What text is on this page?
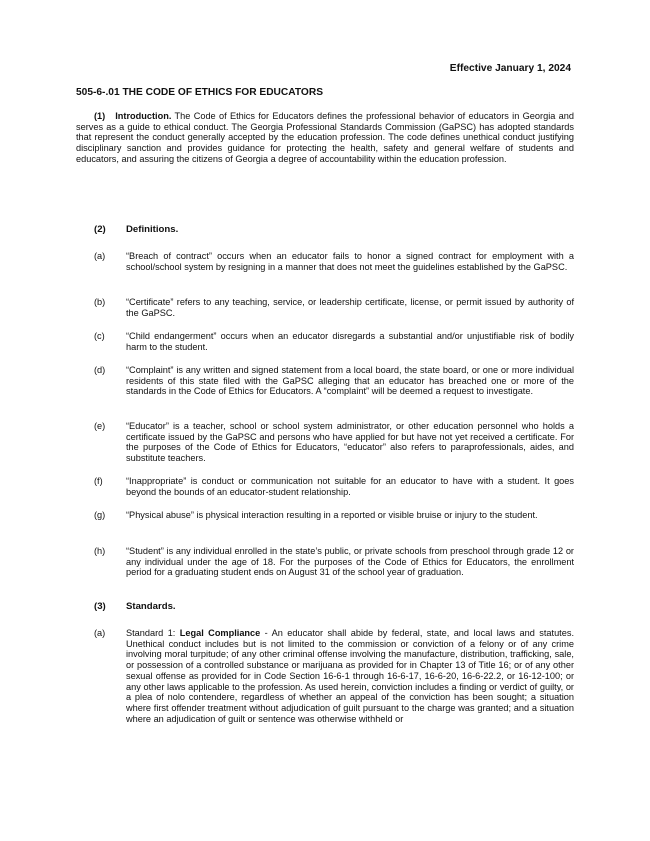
Effective January 1, 2024
505-6-.01 THE CODE OF ETHICS FOR EDUCATORS

(1) Introduction. The Code of Ethics for Educators defines the professional behavior of educators in Georgia and serves as a guide to ethical conduct. The Georgia Professional Standards Commission (GaPSC) has adopted standards that represent the conduct generally accepted by the education profession. The code defines unethical conduct justifying disciplinary sanction and provides guidance for protecting the health, safety and general welfare of students and educators, and assuring the citizens of Georgia a degree of accountability within the education profession.

(2) Definitions.
(a) “Breach of contract” occurs when an educator fails to honor a signed contract for employment with a school/school system by resigning in a manner that does not meet the guidelines established by the GaPSC.

(b) “Certificate” refers to any teaching, service, or leadership certificate, license, or permit issued by authority of the GaPSC.

(c) “Child endangerment” occurs when an educator disregards a substantial and/or unjustifiable risk of bodily harm to the student.

(d) “Complaint” is any written and signed statement from a local board, the state board, or one or more individual residents of this state filed with the GaPSC alleging that an educator has breached one or more of the standards in the Code of Ethics for Educators. A “complaint” will be deemed a request to investigate.

(e) “Educator” is a teacher, school or school system administrator, or other education personnel who holds a certificate issued by the GaPSC and persons who have applied for but have not yet received a certificate. For the purposes of the Code of Ethics for Educators, “educator” also refers to paraprofessionals, aides, and substitute teachers.

(f)	“Inappropriate” is conduct or communication not suitable for an educator to have with a student. It goes beyond the bounds of an educator-student relationship.

(g) “Physical abuse” is physical interaction resulting in a reported or visible bruise or injury to the student.

(h) “Student” is any individual enrolled in the state’s public, or private schools from preschool through grade 12 or any individual under the age of 18. For the purposes of the Code of Ethics for Educators, the enrollment period for a graduating student ends on August 31 of the school year of graduation.

(3) Standards.
(a) Standard 1: Legal Compliance - An educator shall abide by federal, state, and local laws and statutes. Unethical conduct includes but is not limited to the commission or conviction of a felony or of any crime involving moral turpitude; of any other criminal offense involving the manufacture, distribution, trafficking, sale, or possession of a controlled substance or marijuana as provided for in Chapter 13 of Title 16; or of any other sexual offense as provided for in Code Section 16-6-1 through 16-6-17, 16-6-20, 16-6-22.2, or 16-12-100; or any other laws applicable to the profession. As used herein, conviction includes a finding or verdict of guilty, or a plea of nolo contendere, regardless of whether an appeal of the conviction has been sought; a situation where first offender treatment without adjudication of guilt pursuant to the charge was granted; and a situation where an adjudication of guilt or sentence was otherwise withheld or
